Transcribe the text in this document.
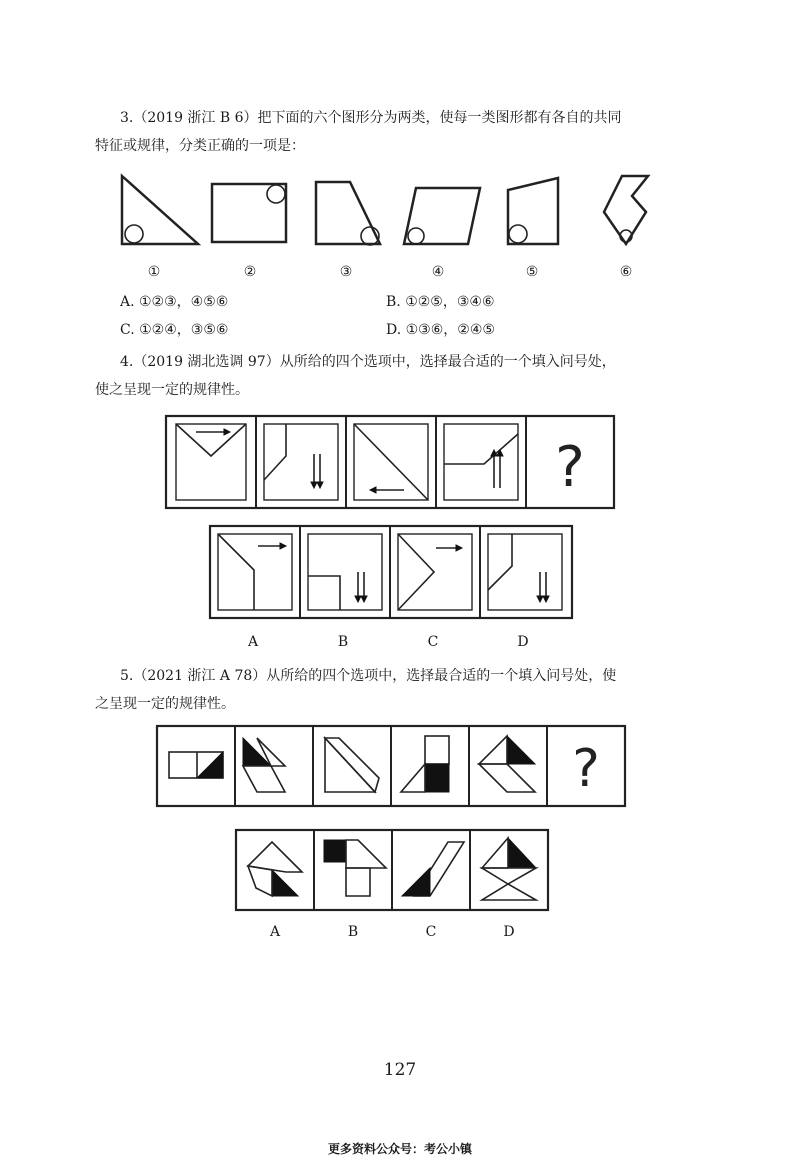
3.（2019 浙江 B 6）把下面的六个图形分为两类，使每一类图形都有各自的共同
特征或规律，分类正确的一项是：
①	②	③	④	⑤	⑥
A. ①②③，④⑤⑥	B. ①②⑤，③④⑥
C. ①②④，③⑤⑥	D. ①③⑥，②④⑤
4.（2019 湖北选调 97）从所给的四个选项中，选择最合适的一个填入问号处，
使之呈现一定的规律性。
?
A	B	C	D
5.（2021 浙江 A 78）从所给的四个选项中，选择最合适的一个填入问号处，使
之呈现一定的规律性。
?
A	B	C	D
127
更多资料公众号：考公小镇
